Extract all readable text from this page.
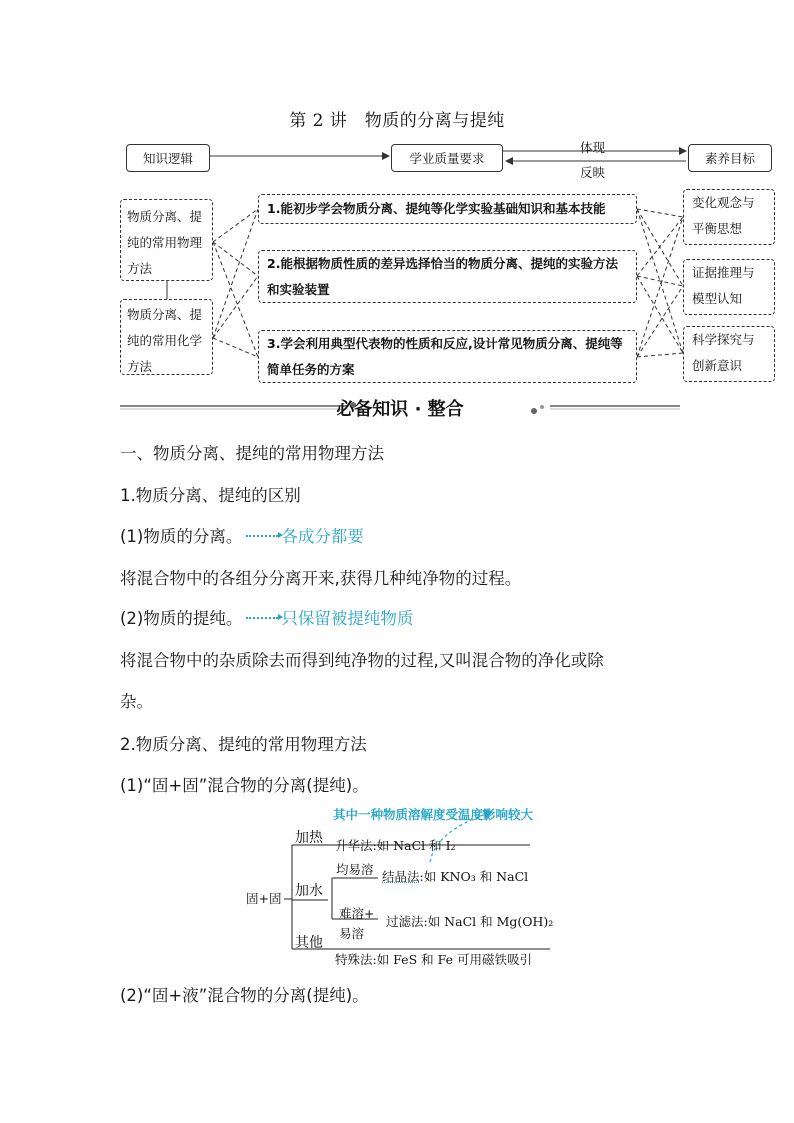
第 2 讲　物质的分离与提纯
体现
反映
知识逻辑	学业质量要求	素养目标
物质分离、提
纯的常用物理
方法
物质分离、提
纯的常用化学
方法
1.能初步学会物质分离、提纯等化学实验基础知识和基本技能
2.能根据物质性质的差异选择恰当的物质分离、提纯的实验方法
和实验装置
3.学会利用典型代表物的性质和反应,设计常见物质分离、提纯等
简单任务的方案
变化观念与
平衡思想
证据推理与
模型认知
科学探究与
创新意识
必备知识 · 整合
一、物质分离、提纯的常用物理方法
1.物质分离、提纯的区别
(1)物质的分离。 各成分都要
将混合物中的各组分分离开来,获得几种纯净物的过程。
(2)物质的提纯。 只保留被提纯物质
将混合物中的杂质除去而得到纯净物的过程,又叫混合物的净化或除
杂。
2.物质分离、提纯的常用物理方法
(1)“固+固”混合物的分离(提纯)。
其中一种物质溶解度受温度影响较大
固+固
加热 升华法:如 NaCl 和 I₂
加水
均易溶 结晶法:如 KNO₃ 和 NaCl
难溶+
易溶
过滤法:如 NaCl 和 Mg(OH)₂
其他
特殊法:如 FeS 和 Fe 可用磁铁吸引
(2)“固+液”混合物的分离(提纯)。
